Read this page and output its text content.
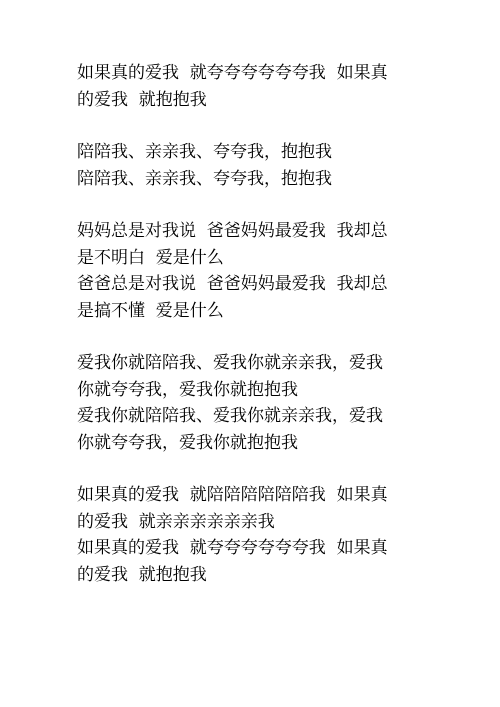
如果真的爱我  就夸夸夸夸夸夸我  如果真
的爱我  就抱抱我

陪陪我、亲亲我、夸夸我，抱抱我
陪陪我、亲亲我、夸夸我，抱抱我

妈妈总是对我说  爸爸妈妈最爱我  我却总
是不明白  爱是什么
爸爸总是对我说  爸爸妈妈最爱我  我却总
是搞不懂  爱是什么

爱我你就陪陪我、爱我你就亲亲我，爱我
你就夸夸我，爱我你就抱抱我
爱我你就陪陪我、爱我你就亲亲我，爱我
你就夸夸我，爱我你就抱抱我

如果真的爱我  就陪陪陪陪陪陪我  如果真
的爱我  就亲亲亲亲亲亲我
如果真的爱我  就夸夸夸夸夸夸我  如果真
的爱我  就抱抱我
